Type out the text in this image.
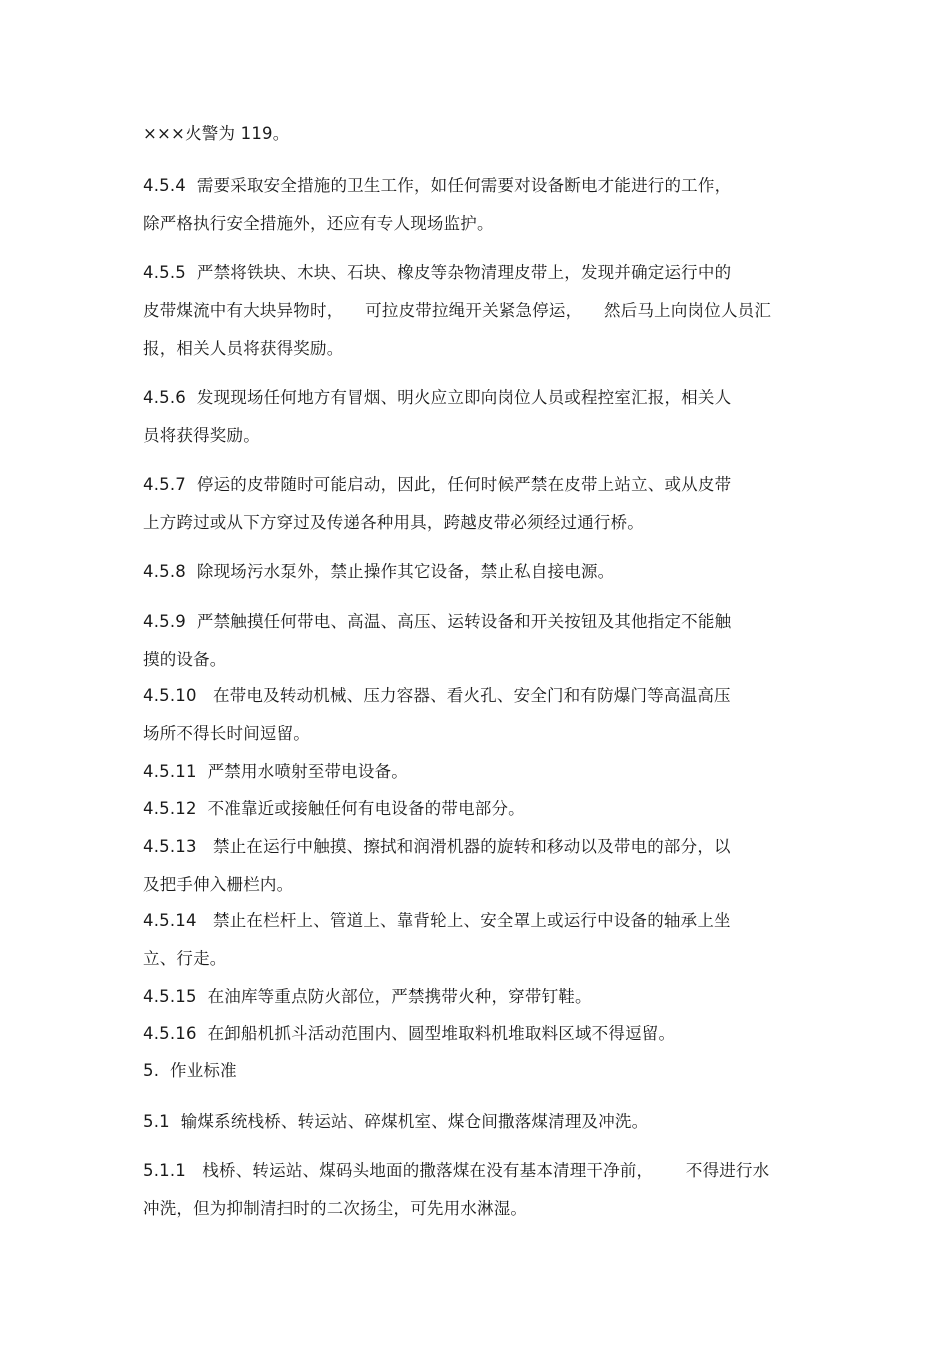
×××火警为 119。

4.5.4  需要采取安全措施的卫生工作，如任何需要对设备断电才能进行的工作，
除严格执行安全措施外，还应有专人现场监护。

4.5.5  严禁将铁块、木块、石块、橡皮等杂物清理皮带上，发现并确定运行中的
皮带煤流中有大块异物时，    可拉皮带拉绳开关紧急停运，    然后马上向岗位人员汇
报，相关人员将获得奖励。

4.5.6  发现现场任何地方有冒烟、明火应立即向岗位人员或程控室汇报，相关人
员将获得奖励。

4.5.7  停运的皮带随时可能启动，因此，任何时候严禁在皮带上站立、或从皮带
上方跨过或从下方穿过及传递各种用具，跨越皮带必须经过通行桥。

4.5.8  除现场污水泵外，禁止操作其它设备，禁止私自接电源。

4.5.9  严禁触摸任何带电、高温、高压、运转设备和开关按钮及其他指定不能触
摸的设备。

4.5.10   在带电及转动机械、压力容器、看火孔、安全门和有防爆门等高温高压
场所不得长时间逗留。

4.5.11  严禁用水喷射至带电设备。

4.5.12  不准靠近或接触任何有电设备的带电部分。

4.5.13   禁止在运行中触摸、擦拭和润滑机器的旋转和移动以及带电的部分，以
及把手伸入栅栏内。

4.5.14   禁止在栏杆上、管道上、靠背轮上、安全罩上或运行中设备的轴承上坐
立、行走。

4.5.15  在油库等重点防火部位，严禁携带火种，穿带钉鞋。

4.5.16  在卸船机抓斗活动范围内、圆型堆取料机堆取料区域不得逗留。

5.  作业标准

5.1  输煤系统栈桥、转运站、碎煤机室、煤仓间撒落煤清理及冲洗。

5.1.1   栈桥、转运站、煤码头地面的撒落煤在没有基本清理干净前，      不得进行水
冲洗，但为抑制清扫时的二次扬尘，可先用水淋湿。
